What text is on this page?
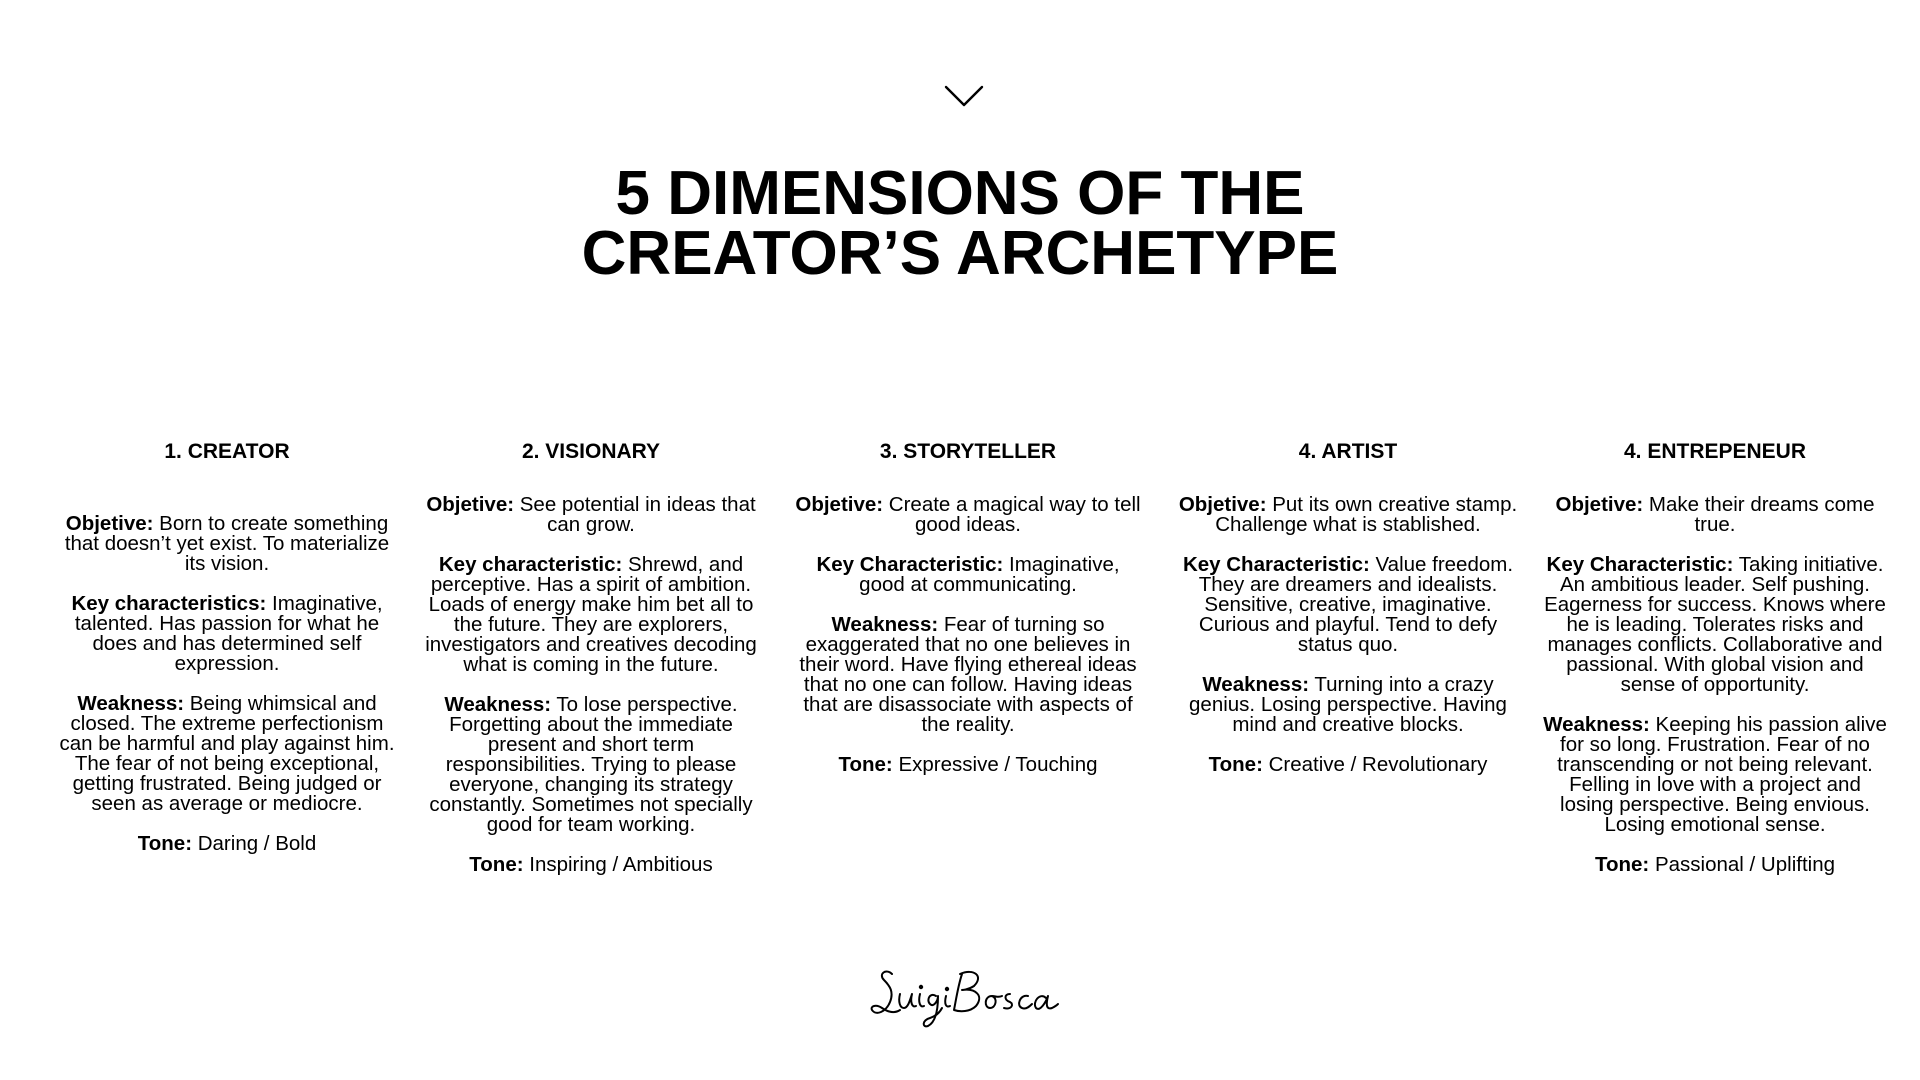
5 DIMENSIONS OF THE
CREATOR’S ARCHETYPE
1. CREATOR

Objetive: Born to create something that doesn’t yet exist. To materialize its vision.

Key characteristics: Imaginative, talented. Has passion for what he does and has determined self expression.

Weakness: Being whimsical and closed. The extreme perfectionism can be harmful and play against him. The fear of not being exceptional, getting frustrated. Being judged or seen as average or mediocre.

Tone: Daring / Bold

2. VISIONARY

Objetive: See potential in ideas that can grow.

Key characteristic: Shrewd, and perceptive. Has a spirit of ambition. Loads of energy make him bet all to the future. They are explorers, investigators and creatives decoding what is coming in the future.

Weakness: To lose perspective. Forgetting about the immediate present and short term responsibilities. Trying to please everyone, changing its strategy constantly. Sometimes not specially good for team working.

Tone: Inspiring / Ambitious

3. STORYTELLER

Objetive: Create a magical way to tell good ideas.

Key Characteristic: Imaginative, good at communicating.

Weakness: Fear of turning so exaggerated that no one believes in their word. Have flying ethereal ideas that no one can follow. Having ideas that are disassociate with aspects of the reality.

Tone: Expressive / Touching

4. ARTIST

Objetive: Put its own creative stamp. Challenge what is stablished.

Key Characteristic: Value freedom. They are dreamers and idealists. Sensitive, creative, imaginative. Curious and playful. Tend to defy status quo.

Weakness: Turning into a crazy genius. Losing perspective. Having mind and creative blocks.

Tone: Creative / Revolutionary

4. ENTREPENEUR

Objetive: Make their dreams come true.

Key Characteristic: Taking initiative. An ambitious leader. Self pushing. Eagerness for success. Knows where he is leading. Tolerates risks and manages conflicts. Collaborative and passional. With global vision and sense of opportunity.

Weakness: Keeping his passion alive for so long. Frustration. Fear of no transcending or not being relevant. Felling in love with a project and losing perspective. Being envious. Losing emotional sense.

Tone: Passional / Uplifting
